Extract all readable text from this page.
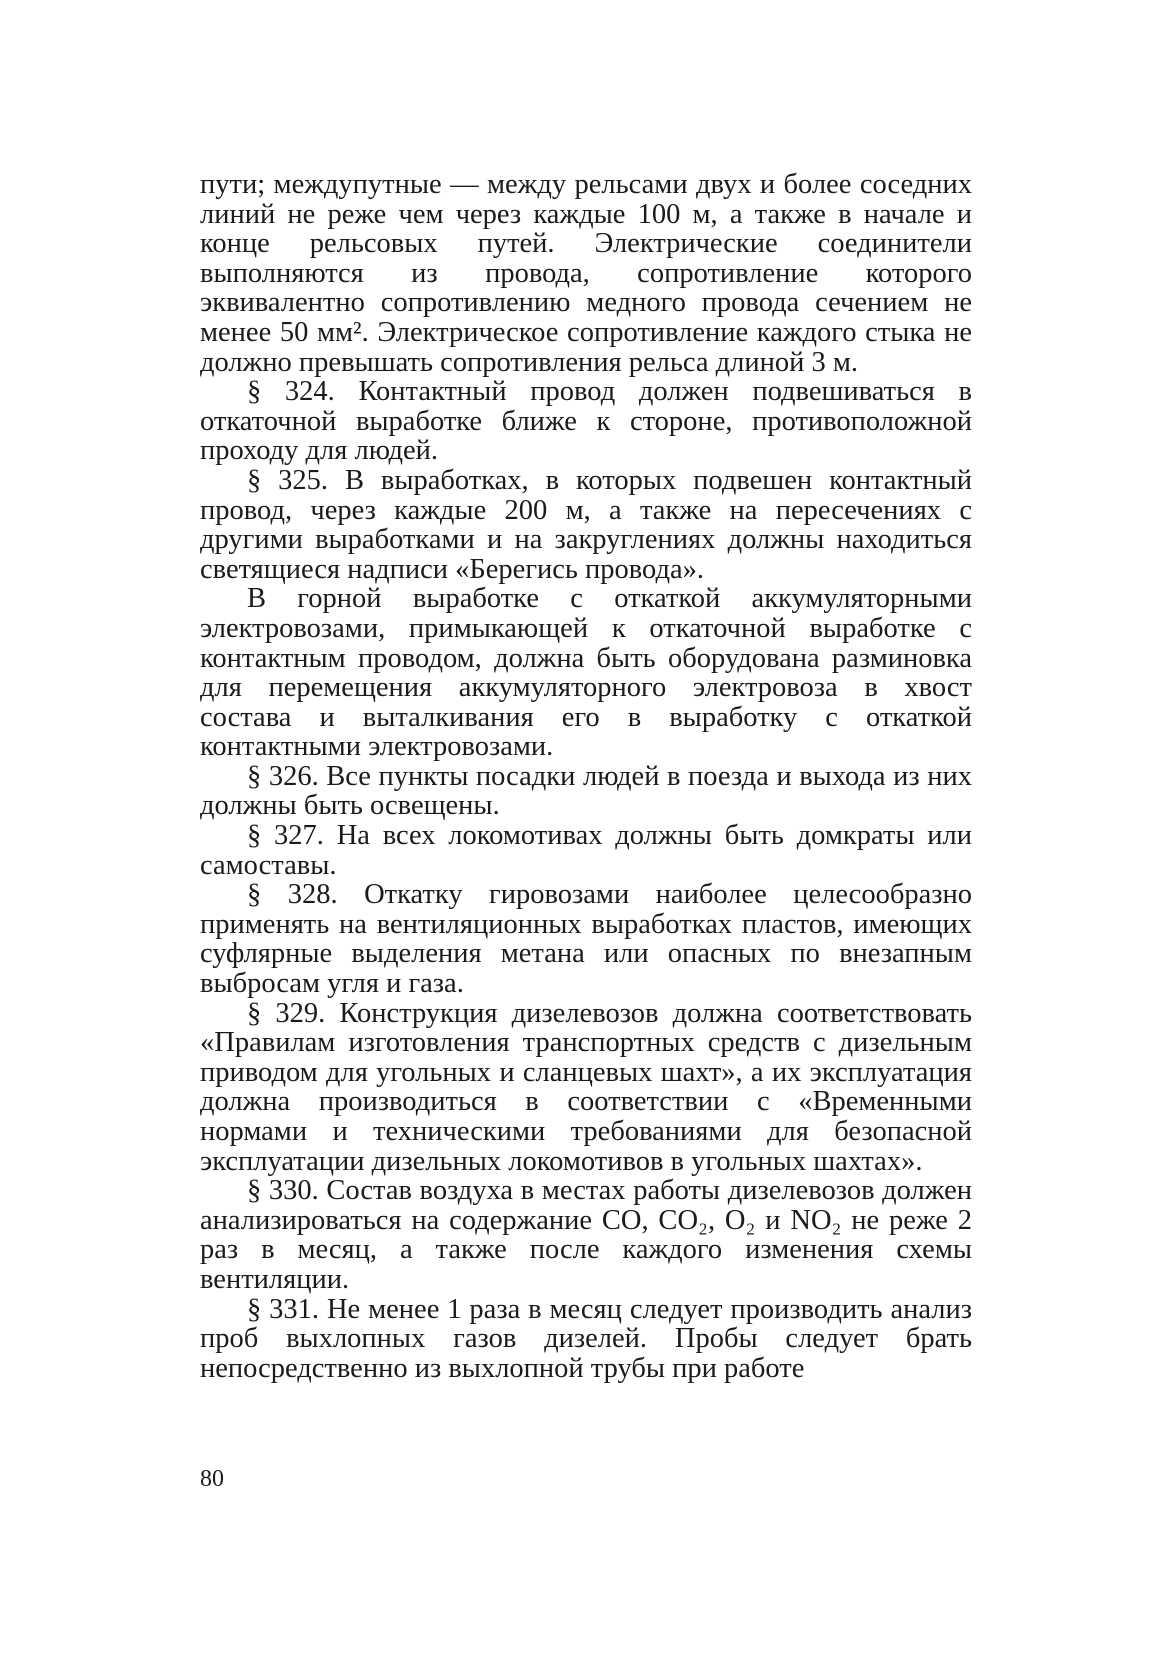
пути; междупутные — между рельсами двух и более соседних линий не реже чем через каждые 100 м, а также в начале и конце рельсовых путей. Электрические соединители выполняются из провода, сопротивление которого эквивалентно сопротивлению медного провода сечением не менее 50 мм². Электрическое сопротивление каждого стыка не должно превышать сопротивления рельса длиной 3 м.

§ 324. Контактный провод должен подвешиваться в откаточной выработке ближе к стороне, противоположной проходу для людей.

§ 325. В выработках, в которых подвешен контактный провод, через каждые 200 м, а также на пересечениях с другими выработками и на закруглениях должны находиться светящиеся надписи «Берегись провода».

В горной выработке с откаткой аккумуляторными электровозами, примыкающей к откаточной выработке с контактным проводом, должна быть оборудована разминовка для перемещения аккумуляторного электровоза в хвост состава и выталкивания его в выработку с откаткой контактными электровозами.

§ 326. Все пункты посадки людей в поезда и выхода из них должны быть освещены.

§ 327. На всех локомотивах должны быть домкраты или самоставы.

§ 328. Откатку гировозами наиболее целесообразно применять на вентиляционных выработках пластов, имеющих суфлярные выделения метана или опасных по внезапным выбросам угля и газа.

§ 329. Конструкция дизелевозов должна соответствовать «Правилам изготовления транспортных средств с дизельным приводом для угольных и сланцевых шахт», а их эксплуатация должна производиться в соответствии с «Временными нормами и техническими требованиями для безопасной эксплуатации дизельных локомотивов в угольных шахтах».

§ 330. Состав воздуха в местах работы дизелевозов должен анализироваться на содержание CO, CO₂, O₂ и NO₂ не реже 2 раз в месяц, а также после каждого изменения схемы вентиляции.

§ 331. Не менее 1 раза в месяц следует производить анализ проб выхлопных газов дизелей. Пробы следует брать непосредственно из выхлопной трубы при работе

80
